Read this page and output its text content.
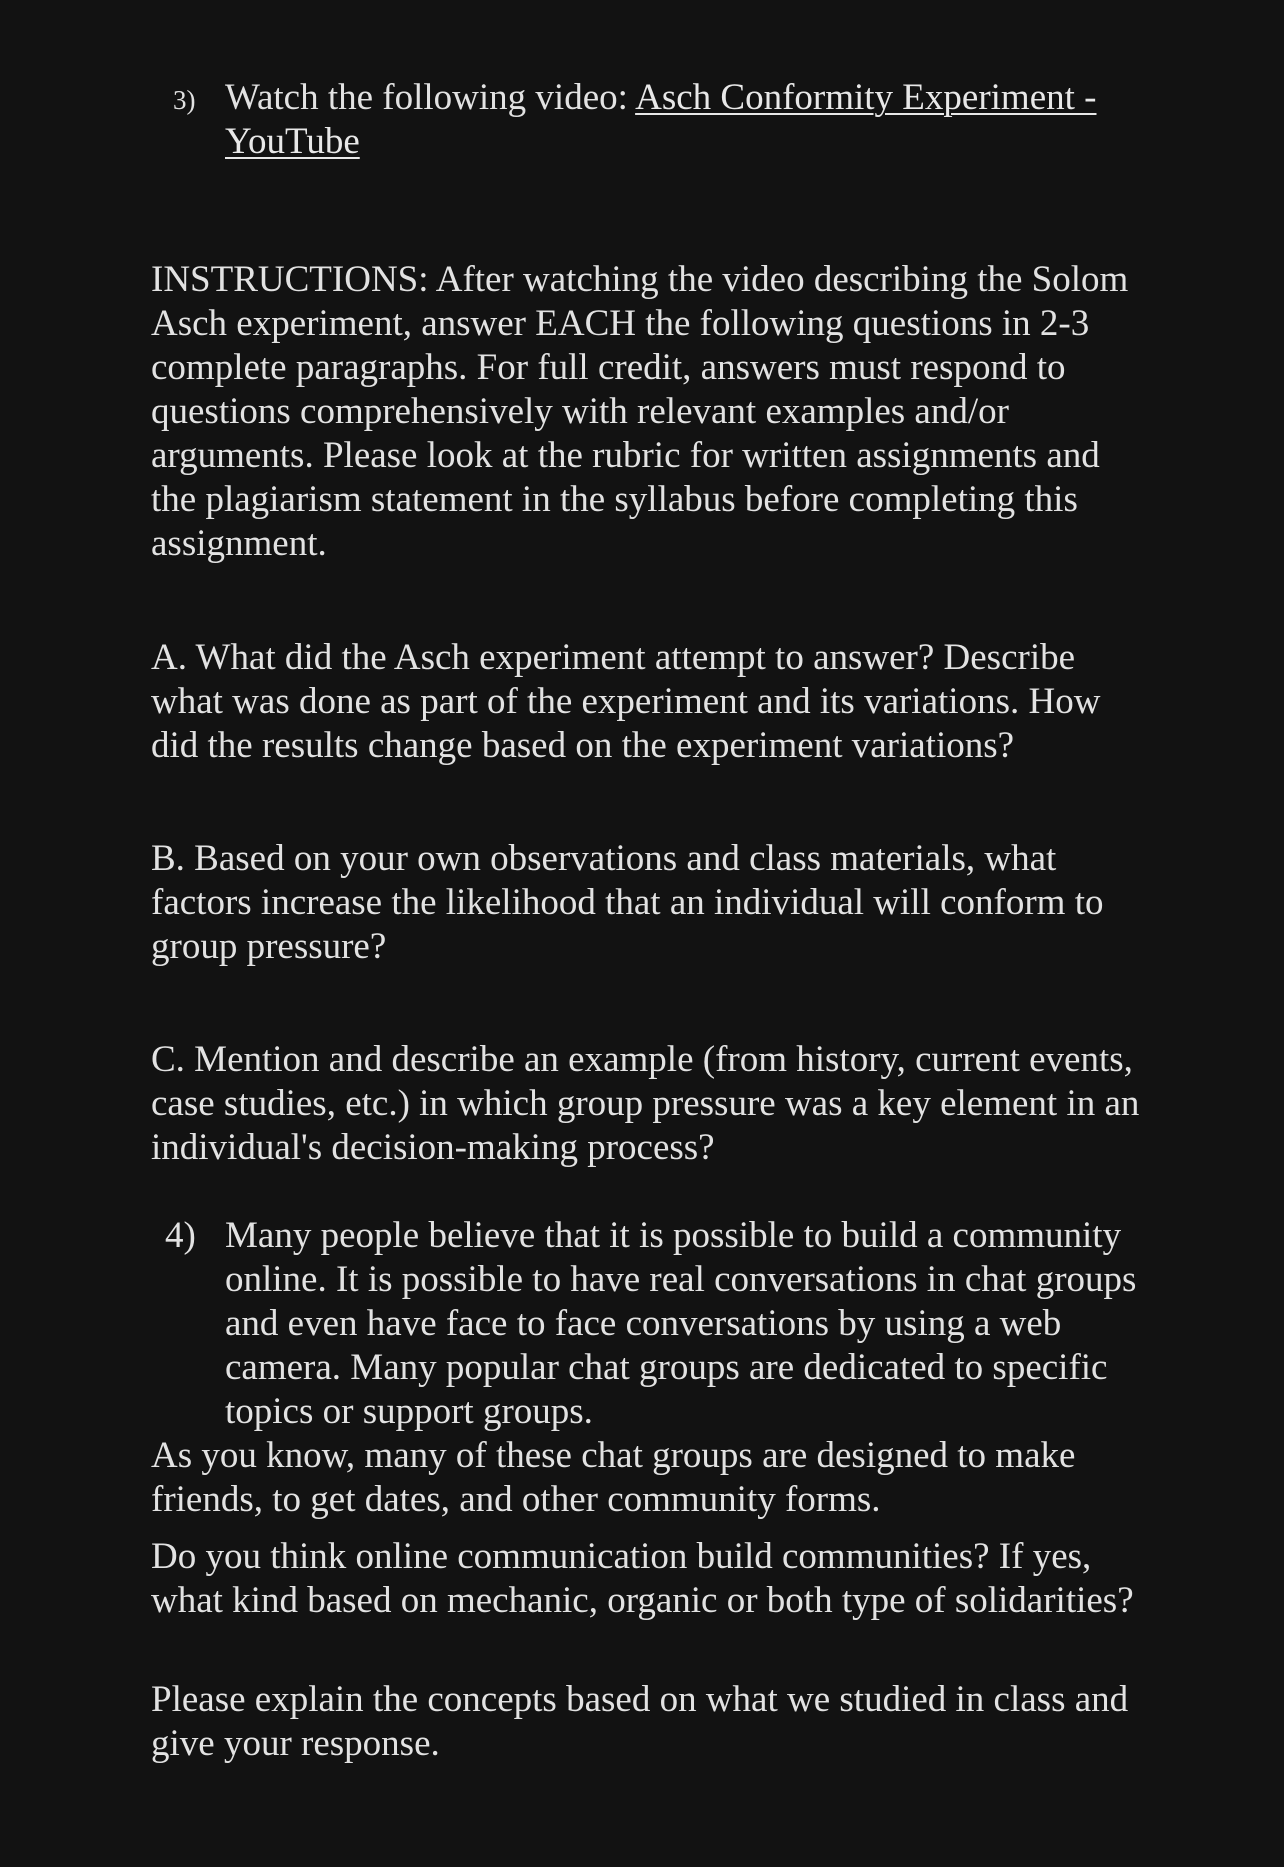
3) Watch the following video: Asch Conformity Experiment - YouTube

INSTRUCTIONS: After watching the video describing the Solom Asch experiment, answer EACH the following questions in 2-3 complete paragraphs. For full credit, answers must respond to questions comprehensively with relevant examples and/or arguments. Please look at the rubric for written assignments and the plagiarism statement in the syllabus before completing this assignment.

A. What did the Asch experiment attempt to answer? Describe what was done as part of the experiment and its variations. How did the results change based on the experiment variations?

B. Based on your own observations and class materials, what factors increase the likelihood that an individual will conform to group pressure?

C. Mention and describe an example (from history, current events, case studies, etc.) in which group pressure was a key element in an individual's decision-making process?

4) Many people believe that it is possible to build a community online. It is possible to have real conversations in chat groups and even have face to face conversations by using a web camera. Many popular chat groups are dedicated to specific topics or support groups.

As you know, many of these chat groups are designed to make friends, to get dates, and other community forms.

Do you think online communication build communities? If yes, what kind based on mechanic, organic or both type of solidarities?

Please explain the concepts based on what we studied in class and give your response.
